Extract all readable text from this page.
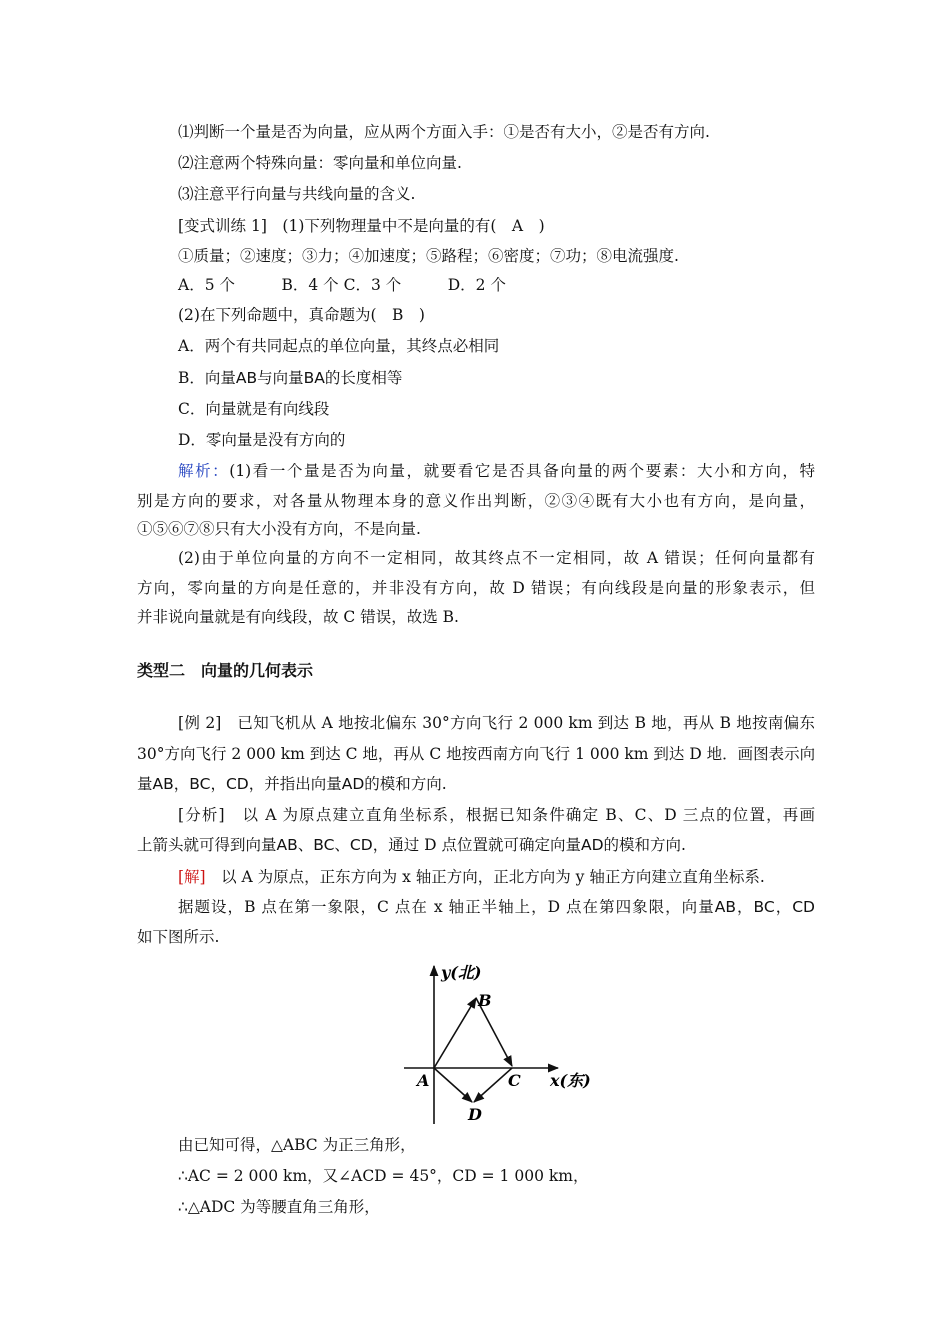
⑴判断一个量是否为向量，应从两个方面入手：①是否有大小，②是否有方向.
⑵注意两个特殊向量：零向量和单位向量.
⑶注意平行向量与共线向量的含义.
[变式训练 1]　 (1)下列物理量中不是向量的有(　A　)
①质量；②速度；③力；④加速度；⑤路程；⑥密度；⑦功；⑧电流强度.
A．5 个　　　B．4 个 C．3 个　　　D．2 个
(2)在下列命题中，真命题为(　B　)
A．两个有共同起点的单位向量，其终点必相同
B．向量AB与向量BA的长度相等
C．向量就是有向线段
D．零向量是没有方向的
解析：(1)看一个量是否为向量，就要看它是否具备向量的两个要素：大小和方向，特
别是方向的要求，对各量从物理本身的意义作出判断，②③④既有大小也有方向，是向量，
①⑤⑥⑦⑧只有大小没有方向，不是向量.
(2)由于单位向量的方向不一定相同，故其终点不一定相同，故 A 错误；任何向量都有
方向，零向量的方向是任意的，并非没有方向，故 D 错误；有向线段是向量的形象表示，但
并非说向量就是有向线段，故 C 错误，故选 B.
类型二　向量的几何表示
[例 2]　已知飞机从 A 地按北偏东 30°方向飞行 2 000 km 到达 B 地，再从 B 地按南偏东
30°方向飞行 2 000 km 到达 C 地，再从 C 地按西南方向飞行 1 000 km 到达 D 地．画图表示向
量AB，BC，CD，并指出向量AD的模和方向.
[分析]　以 A 为原点建立直角坐标系，根据已知条件确定 B、C、D 三点的位置，再画
上箭头就可得到向量AB、BC、CD，通过 D 点位置就可确定向量AD的模和方向.
[解]　以 A 为原点，正东方向为 x 轴正方向，正北方向为 y 轴正方向建立直角坐标系.
据题设，B 点在第一象限，C 点在 x 轴正半轴上，D 点在第四象限，向量AB，BC，CD
如下图所示.
y(北)
x(东)
A
B
C
D
由已知可得，△ABC 为正三角形，
∴AC = 2 000 km，又∠ACD = 45°，CD = 1 000 km，
∴△ADC 为等腰直角三角形，
